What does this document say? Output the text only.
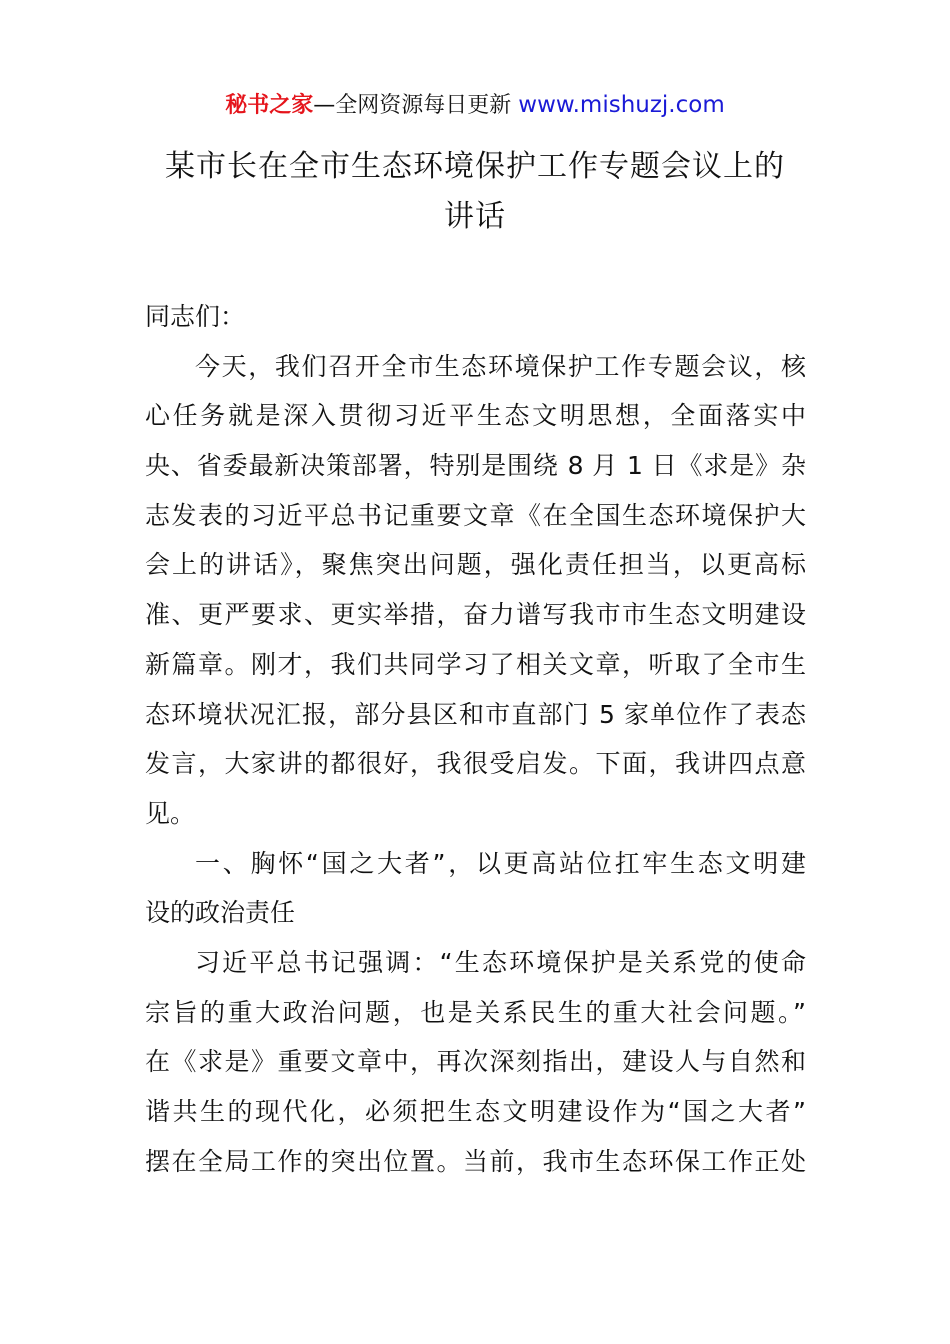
秘书之家—全网资源每日更新 www.mishuzj.com
某市长在全市生态环境保护工作专题会议上的
讲话
同志们：
今天，我们召开全市生态环境保护工作专题会议，核
心任务就是深入贯彻习近平生态文明思想，全面落实中
央、省委最新决策部署，特别是围绕 8 月 1 日《求是》杂
志发表的习近平总书记重要文章《在全国生态环境保护大
会上的讲话》，聚焦突出问题，强化责任担当，以更高标
准、更严要求、更实举措，奋力谱写我市市生态文明建设
新篇章。刚才，我们共同学习了相关文章，听取了全市生
态环境状况汇报，部分县区和市直部门 5 家单位作了表态
发言，大家讲的都很好，我很受启发。下面，我讲四点意
见。
一、胸怀“国之大者”，以更高站位扛牢生态文明建
设的政治责任
习近平总书记强调：“生态环境保护是关系党的使命
宗旨的重大政治问题，也是关系民生的重大社会问题。”
在《求是》重要文章中，再次深刻指出，建设人与自然和
谐共生的现代化，必须把生态文明建设作为“国之大者”
摆在全局工作的突出位置。当前，我市生态环保工作正处
